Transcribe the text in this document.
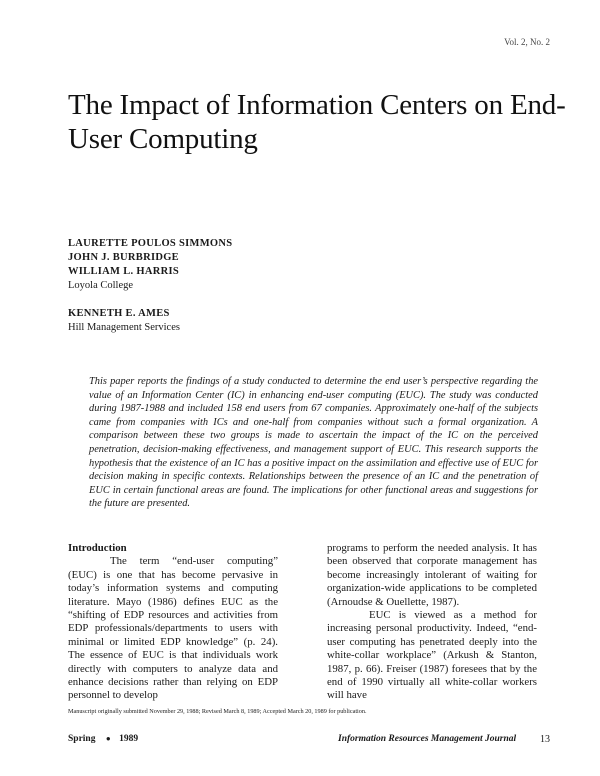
Vol. 2, No. 2
The Impact of Information Centers on End-User Computing
LAURETTE POULOS SIMMONS
JOHN J. BURBRIDGE
WILLIAM L. HARRIS
Loyola College
KENNETH E. AMES
Hill Management Services

This paper reports the findings of a study conducted to determine the end user’s perspective regarding the value of an Information Center (IC) in enhancing end-user computing (EUC). The study was conducted during 1987-1988 and included 158 end users from 67 companies. Approximately one-half of the subjects came from companies with ICs and one-half from companies without such a formal organization. A comparison between these two groups is made to ascertain the impact of the IC on the perceived penetration, decision-making effectiveness, and management support of EUC. This research supports the hypothesis that the existence of an IC has a positive impact on the assimilation and effective use of EUC for decision making in specific contexts. Relationships between the presence of an IC and the penetration of EUC in certain functional areas are found. The implications for other functional areas and suggestions for the future are presented.

Introduction

The term “end-user computing” (EUC) is one that has become pervasive in today’s information systems and computing literature. Mayo (1986) defines EUC as the “shifting of EDP resources and activities from EDP professionals/departments to users with minimal or limited EDP knowledge” (p. 24). The essence of EUC is that individuals work directly with computers to analyze data and enhance decisions rather than relying on EDP personnel to develop

programs to perform the needed analysis. It has been observed that corporate management has become increasingly intolerant of waiting for organization-wide applications to be completed (Arnoudse & Ouellette, 1987).

EUC is viewed as a method for increasing personal productivity. Indeed, “end-user computing has penetrated deeply into the white-collar workplace” (Arkush & Stanton, 1987, p. 66). Freiser (1987) foresees that by the end of 1990 virtually all white-collar workers will have

Manuscript originally submitted November 29, 1988; Revised March 8, 1989; Accepted March 20, 1989 for publication.
Spring ● 1989	Information Resources Management Journal 13
